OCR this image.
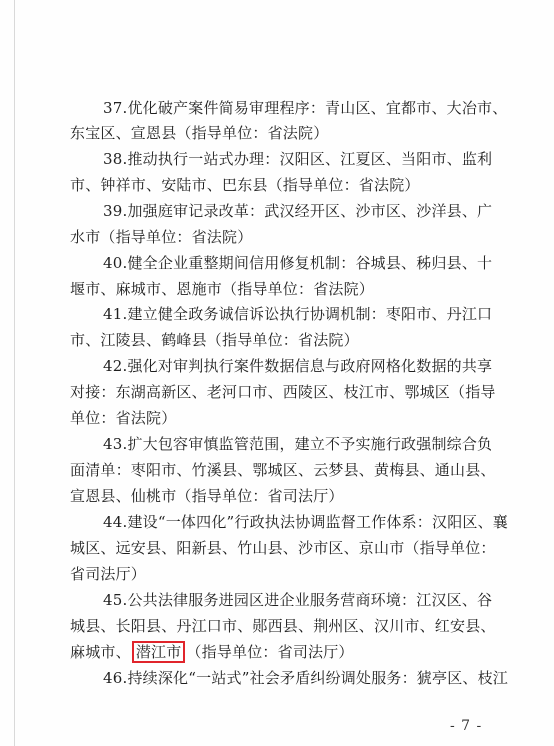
37.优化破产案件简易审理程序：青山区、宜都市、大冶市、
东宝区、宣恩县（指导单位：省法院）
38.推动执行一站式办理：汉阳区、江夏区、当阳市、监利
市、钟祥市、安陆市、巴东县（指导单位：省法院）
39.加强庭审记录改革：武汉经开区、沙市区、沙洋县、广
水市（指导单位：省法院）
40.健全企业重整期间信用修复机制：谷城县、秭归县、十
堰市、麻城市、恩施市（指导单位：省法院）
41.建立健全政务诚信诉讼执行协调机制：枣阳市、丹江口
市、江陵县、鹤峰县（指导单位：省法院）
42.强化对审判执行案件数据信息与政府网格化数据的共享
对接：东湖高新区、老河口市、西陵区、枝江市、鄂城区（指导
单位：省法院）
43.扩大包容审慎监管范围，建立不予实施行政强制综合负
面清单：枣阳市、竹溪县、鄂城区、云梦县、黄梅县、通山县、
宣恩县、仙桃市（指导单位：省司法厅）
44.建设“一体四化”行政执法协调监督工作体系：汉阳区、襄
城区、远安县、阳新县、竹山县、沙市区、京山市（指导单位：
省司法厅）
45.公共法律服务进园区进企业服务营商环境：江汉区、谷
城县、长阳县、丹江口市、郧西县、荆州区、汉川市、红安县、
麻城市、 潜江市 （指导单位：省司法厅）
46.持续深化“一站式”社会矛盾纠纷调处服务：猇亭区、枝江
- 7 -
